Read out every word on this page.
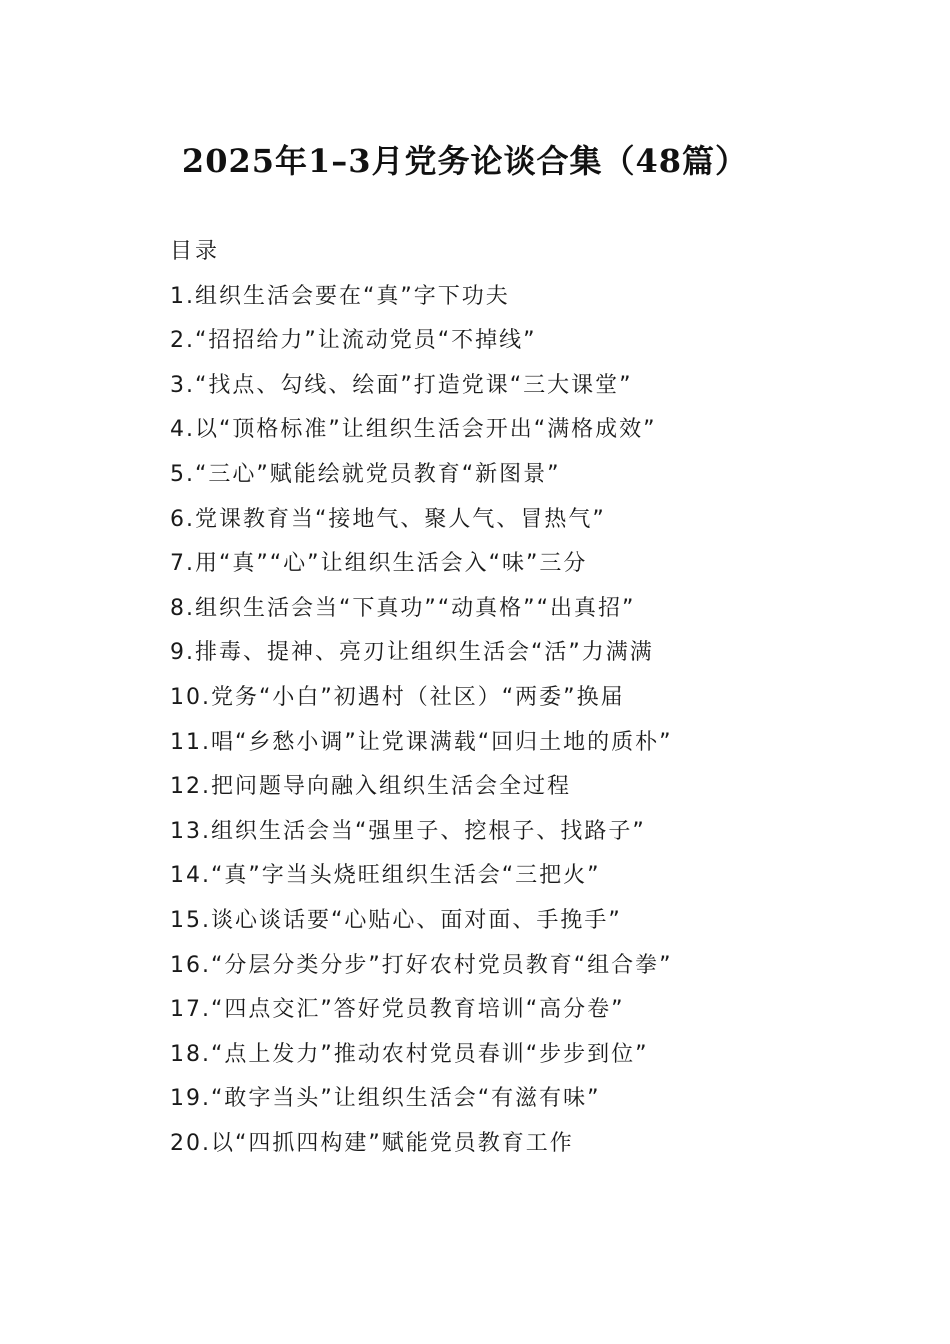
2025年1–3月党务论谈合集（48篇）
目录
1.组织生活会要在“真”字下功夫
2.“招招给力”让流动党员“不掉线”
3.“找点、勾线、绘面”打造党课“三大课堂”
4.以“顶格标准”让组织生活会开出“满格成效”
5.“三心”赋能绘就党员教育“新图景”
6.党课教育当“接地气、聚人气、冒热气”
7.用“真”“心”让组织生活会入“味”三分
8.组织生活会当“下真功”“动真格”“出真招”
9.排毒、提神、亮刃让组织生活会“活”力满满
10.党务“小白”初遇村（社区）“两委”换届
11.唱“乡愁小调”让党课满载“回归土地的质朴”
12.把问题导向融入组织生活会全过程
13.组织生活会当“强里子、挖根子、找路子”
14.“真”字当头烧旺组织生活会“三把火”
15.谈心谈话要“心贴心、面对面、手挽手”
16.“分层分类分步”打好农村党员教育“组合拳”
17.“四点交汇”答好党员教育培训“高分卷”
18.“点上发力”推动农村党员春训“步步到位”
19.“敢字当头”让组织生活会“有滋有味”
20.以“四抓四构建”赋能党员教育工作
